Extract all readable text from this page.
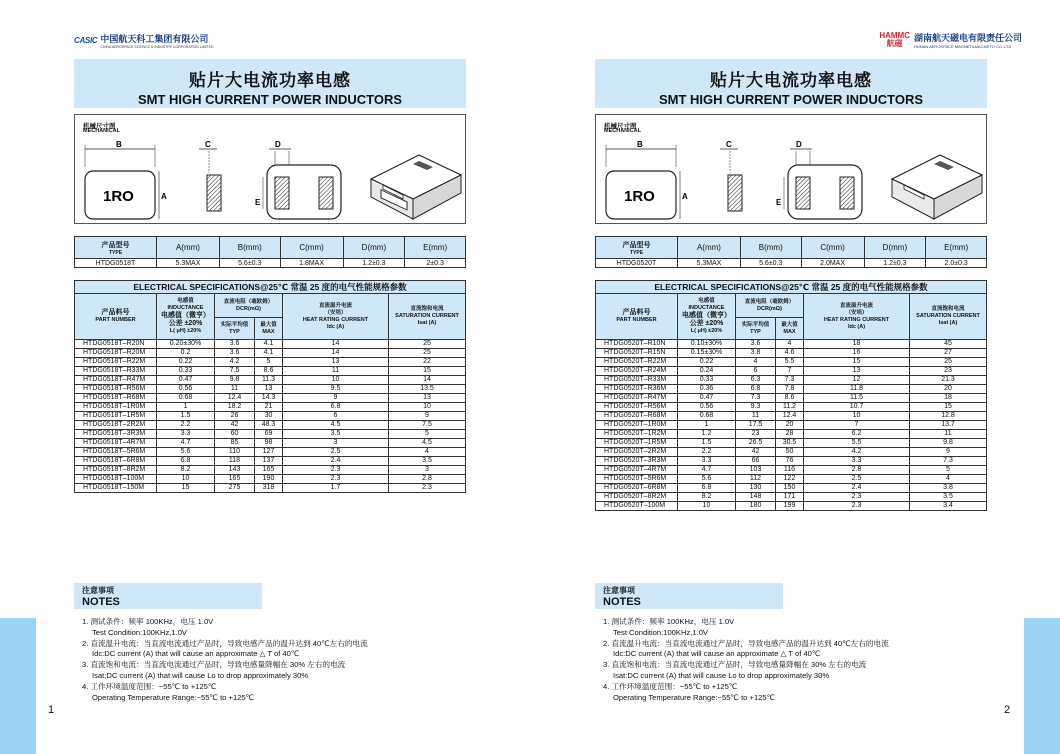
CASIC 中国航天科工集团有限公司
CHINA AEROSPACE SCIENCE & INDUSTRY CORPORATION LIMITED
贴片大电流功率电感
SMT HIGH CURRENT POWER INDUCTORS
机械尺寸图
MECHANICAL
B
1RO	A
C	D
E
产品型号
TYPE	A(mm)	B(mm)	C(mm)	D(mm)	E(mm)
HTDG0518T	5.3MAX	5.6±0.3	1.8MAX	1.2±0.3	2±0.3
ELECTRICAL SPECIFICATIONS@25℃ 常温 25 度的电气性能规格参数					
产品料号
PART NUMBER	电感值
INDUCTANCE
电感值（微亨）
公差 ±20%
L( μH) ±20%	直流电阻（毫欧姆）
DCR(mΩ)		直流温升电流
（安培）
HEAT RATING CURRENT
Idc (A)	直流饱和电流
SATURATION CURRENT
Isat (A)
		实际平均值
TYP	最大值
MAX		
HTDG0518T–R20N	0.20±30%	3.6	4.1	14	25
HTDG0518T–R20M	0.2	3.6	4.1	14	25
HTDG0518T–R22M	0.22	4.2	5	13	22
HTDG0518T–R33M	0.33	7.5	8.6	11	15
HTDG0518T–R47M	0.47	9.8	11.3	10	14
HTDG0518T–R56M	0.56	11	13	9.5	13.5
HTDG0518T–R68M	0.68	12.4	14.3	9	13
HTDG0518T–1R0M	1	18.2	21	6.8	10
HTDG0518T–1R5M	1.5	26	30	6	9
HTDG0518T–2R2M	2.2	42	48.3	4.5	7.5
HTDG0518T–3R3M	3.3	60	69	3.5	5
HTDG0518T–4R7M	4.7	85	98	3	4.5
HTDG0518T–5R6M	5.6	110	127	2.5	4
HTDG0518T–6R8M	6.8	118	137	2.4	3.5
HTDG0518T–8R2M	8.2	143	165	2.3	3
HTDG0518T–100M	10	165	190	2.3	2.8
HTDG0518T–150M	15	275	318	1.7	2.3
注意事项
NOTES
1. 测试条件：频率 100KHz，电压 1.0V
Test Condition:100KHz,1.0V
2. 直流温升电流：当直流电流通过产品时，导致电感产品的温升达到 40℃左右的电流
Idc:DC current (A) that will cause an approximate △ T of 40℃
3. 直流饱和电流：当直流电流通过产品时，导致电感量降幅在 30% 左右的电流
Isat:DC current (A) that will cause Lo to drop approximately 30%
4. 工作环境温度范围：−55℃ to +125℃
Operating Temperature Range:−55℃ to +125℃
1
HAMMC
航磁
湖南航天磁电有限责任公司
HUNAN AEROSPACE MAGNET&MAGNETO CO.,LTD
贴片大电流功率电感
SMT HIGH CURRENT POWER INDUCTORS
机械尺寸图
MECHANICAL
B
1RO	A
C	D
E
产品型号
TYPE	A(mm)	B(mm)	C(mm)	D(mm)	E(mm)
HTDG0520T	5.3MAX	5.6±0.3	2.0MAX	1.2±0.3	2.0±0.3
ELECTRICAL SPECIFICATIONS@25℃ 常温 25 度的电气性能规格参数					
产品料号
PART NUMBER	电感值
INDUCTANCE
电感值（微亨）
公差 ±20%
L( μH) ±20%	直流电阻（毫欧姆）
DCR(mΩ)		直流温升电流
（安培）
HEAT RATING CURRENT
Idc (A)	直流饱和电流
SATURATION CURRENT
Isat (A)
		实际平均值
TYP	最大值
MAX		
HTDG0520T–R10N	0.10±30%	3.6	4	18	45
HTDG0520T–R15N	0.15±30%	3.8	4.6	16	27
HTDG0520T–R22M	0.22	4	5.5	15	25
HTDG0520T–R24M	0.24	6	7	13	23
HTDG0520T–R33M	0.33	6.3	7.3	12	21.3
HTDG0520T–R36M	0.36	6.8	7.8	11.8	20
HTDG0520T–R47M	0.47	7.3	8.6	11.5	18
HTDG0520T–R56M	0.56	9.3	11.2	10.7	15
HTDG0520T–R68M	0.68	11	12.4	10	12.8
HTDG0520T–1R0M	1	17.5	20	7	13.7
HTDG0520T–1R2M	1.2	23	28	6.2	11
HTDG0520T–1R5M	1.5	26.5	30.5	5.5	9.8
HTDG0520T–2R2M	2.2	42	50	4.2	9
HTDG0520T–3R3M	3.3	66	76	3.3	7.3
HTDG0520T–4R7M	4.7	103	116	2.8	5
HTDG0520T–5R6M	5.6	112	122	2.5	4
HTDG0520T–6R8M	6.8	130	150	2.4	3.8
HTDG0520T–8R2M	8.2	148	171	2.3	3.5
HTDG0520T–100M	10	180	199	2.3	3.4
注意事项
NOTES
1. 测试条件：频率 100KHz，电压 1.0V
Test Condition:100KHz,1.0V
2. 直流温升电流：当直流电流通过产品时，导致电感产品的温升达到 40℃左右的电流
Idc:DC current (A) that will cause an approximate △ T of 40℃
3. 直流饱和电流：当直流电流通过产品时，导致电感量降幅在 30% 左右的电流
Isat:DC current (A) that will cause Lo to drop approximately 30%
4. 工作环境温度范围：−55℃ to +125℃
Operating Temperature Range:−55℃ to +125℃
2
